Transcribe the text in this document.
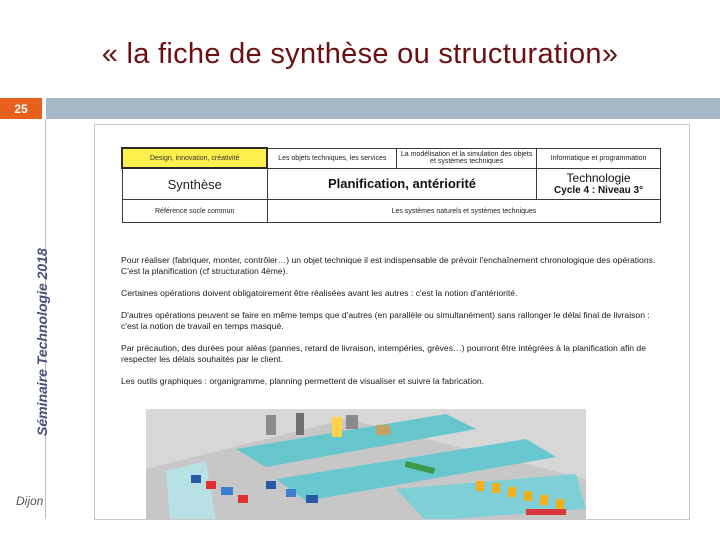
« la fiche de synthèse ou structuration»
25
Séminaire Technologie 2018
Dijon
Design, innovation, créativité	Les objets techniques, les services	La modélisation et la simulation des objets et systèmes techniques	Informatique et programmation
Synthèse	Planification, antériorité		Technologie
Cycle 4 : Niveau 3°

Référence socle commun	Les systèmes naturels et systèmes techniques		

Pour réaliser (fabriquer, monter, contrôler…) un objet technique il est indispensable de prévoir l'enchaînement chronologique des opérations. C'est la planification (cf structuration 4ème).

Certaines opérations doivent obligatoirement être réalisées avant les autres : c'est la notion d'antériorité.

D'autres opérations peuvent se faire en même temps que d'autres (en parallèle ou simultanément) sans rallonger le délai final de livraison : c'est la notion de travail en temps masqué.

Par précaution, des durées pour aléas (pannes, retard de livraison, intempéries, grèves…) pourront être intégrées à la planification afin de respecter les délais souhaités par le client.

Les outils graphiques : organigramme, planning permettent de visualiser et suivre la fabrication.
